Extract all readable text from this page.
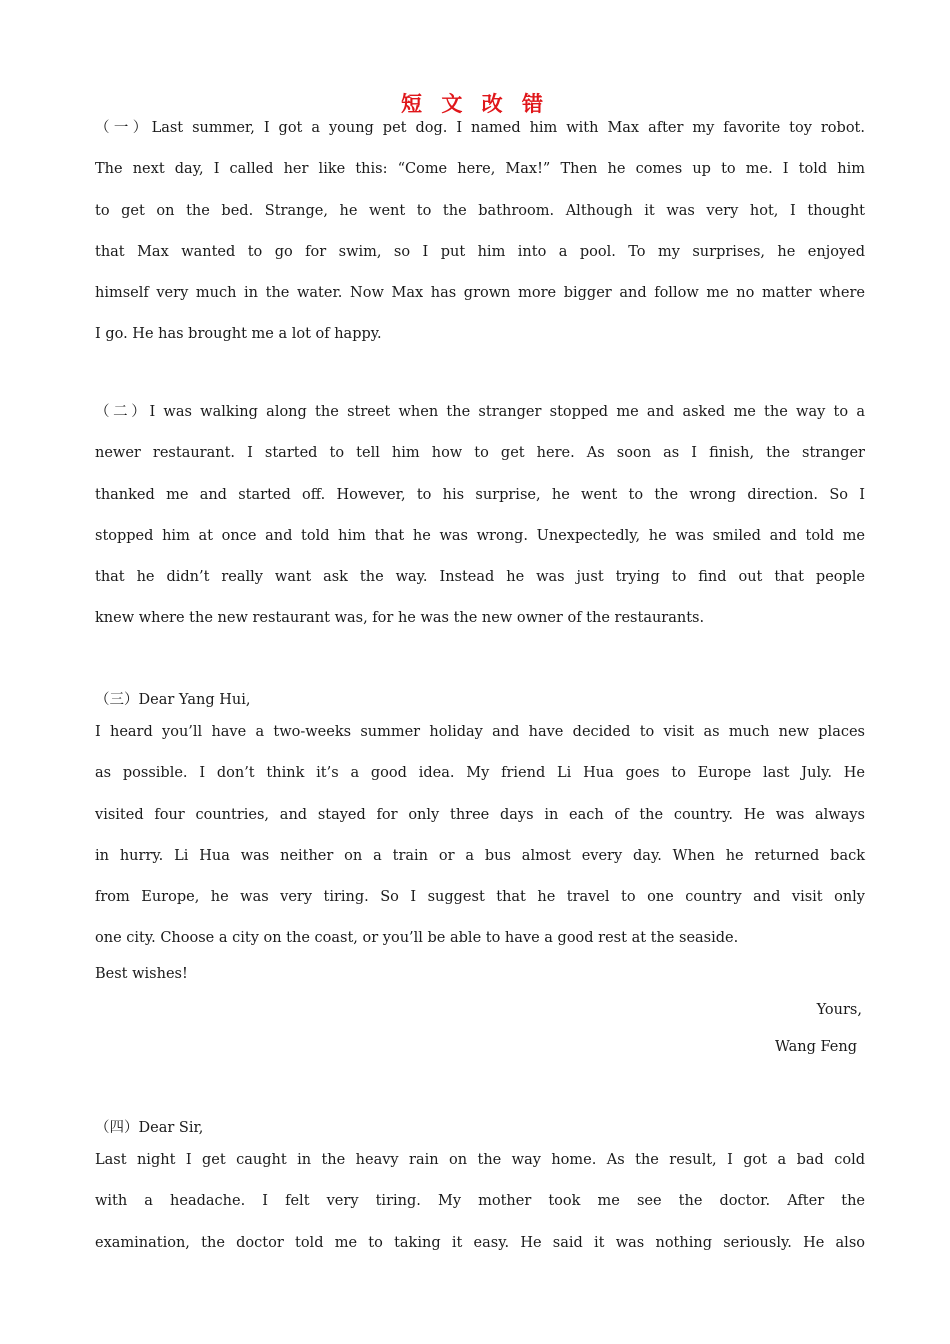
短 文 改 错
（一）Last summer, I got a young pet dog. I named him with Max after my favorite toy robot.
The next day, I called her like this: “Come here, Max!” Then he comes up to me. I told him
to get on the bed. Strange, he went to the bathroom. Although it was very hot, I thought
that Max wanted to go for swim, so I put him into a pool. To my surprises, he enjoyed
himself very much in the water. Now Max has grown more bigger and follow me no matter where
I go. He has brought me a lot of happy.
（二）I was walking along the street when the stranger stopped me and asked me the way to a
newer restaurant. I started to tell him how to get here. As soon as I finish, the stranger
thanked me and started off. However, to his surprise, he went to the wrong direction. So I
stopped him at once and told him that he was wrong. Unexpectedly, he was smiled and told me
that he didn’t really want ask the way. Instead he was just trying to find out that people
knew where the new restaurant was, for he was the new owner of the restaurants.
（三）Dear Yang Hui,
I heard you’ll have a two-weeks summer holiday and have decided to visit as much new places
as possible. I don’t think it’s a good idea. My friend Li Hua goes to Europe last July. He
visited four countries, and stayed for only three days in each of the country. He was always
in hurry. Li Hua was neither on a train or a bus almost every day. When he returned back
from Europe, he was very tiring. So I suggest that he travel to one country and visit only
one city. Choose a city on the coast, or you’ll be able to have a good rest at the seaside.
Best wishes!
Yours,
Wang Feng
（四）Dear Sir,
Last night I get caught in the heavy rain on the way home. As the result, I got a bad cold
with a headache. I felt very tiring. My mother took me see the doctor. After the
examination, the doctor told me to taking it easy. He said it was nothing seriously. He also
